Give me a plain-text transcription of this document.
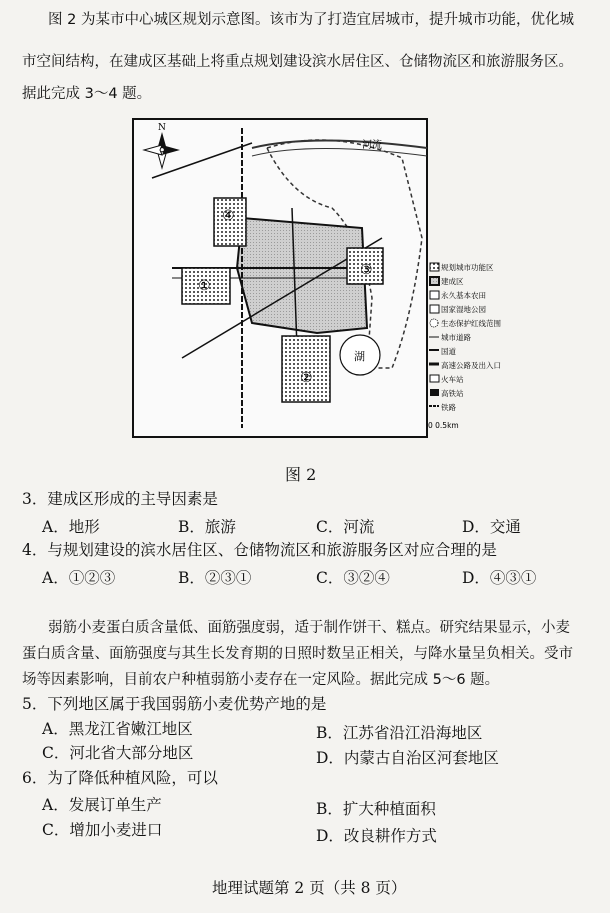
图 2 为某市中心城区规划示意图。该市为了打造宜居城市，提升城市功能，优化城
市空间结构，在建成区基础上将重点规划建设滨水居住区、仓储物流区和旅游服务区。
据此完成 3～4 题。
湖
④
③
①
②
河流
N
规划城市功能区
建成区
永久基本农田
国家湿地公园
生态保护红线范围
城市道路
国道
高速公路及出入口
火车站
高铁站
铁路
0 0.5km
图 2
3．建成区形成的主导因素是
A．地形	B．旅游	C．河流	D．交通
4．与规划建设的滨水居住区、仓储物流区和旅游服务区对应合理的是
A．①②③	B．②③①	C．③②④	D．④③①
弱筋小麦蛋白质含量低、面筋强度弱，适于制作饼干、糕点。研究结果显示，小麦
蛋白质含量、面筋强度与其生长发育期的日照时数呈正相关，与降水量呈负相关。受市
场等因素影响，目前农户种植弱筋小麦存在一定风险。据此完成 5～6 题。
5．下列地区属于我国弱筋小麦优势产地的是
A．黑龙江省嫩江地区	B．江苏省沿江沿海地区
C．河北省大部分地区	D．内蒙古自治区河套地区
6．为了降低种植风险，可以
A．发展订单生产	B．扩大种植面积
C．增加小麦进口	D．改良耕作方式
地理试题第 2 页（共 8 页）
